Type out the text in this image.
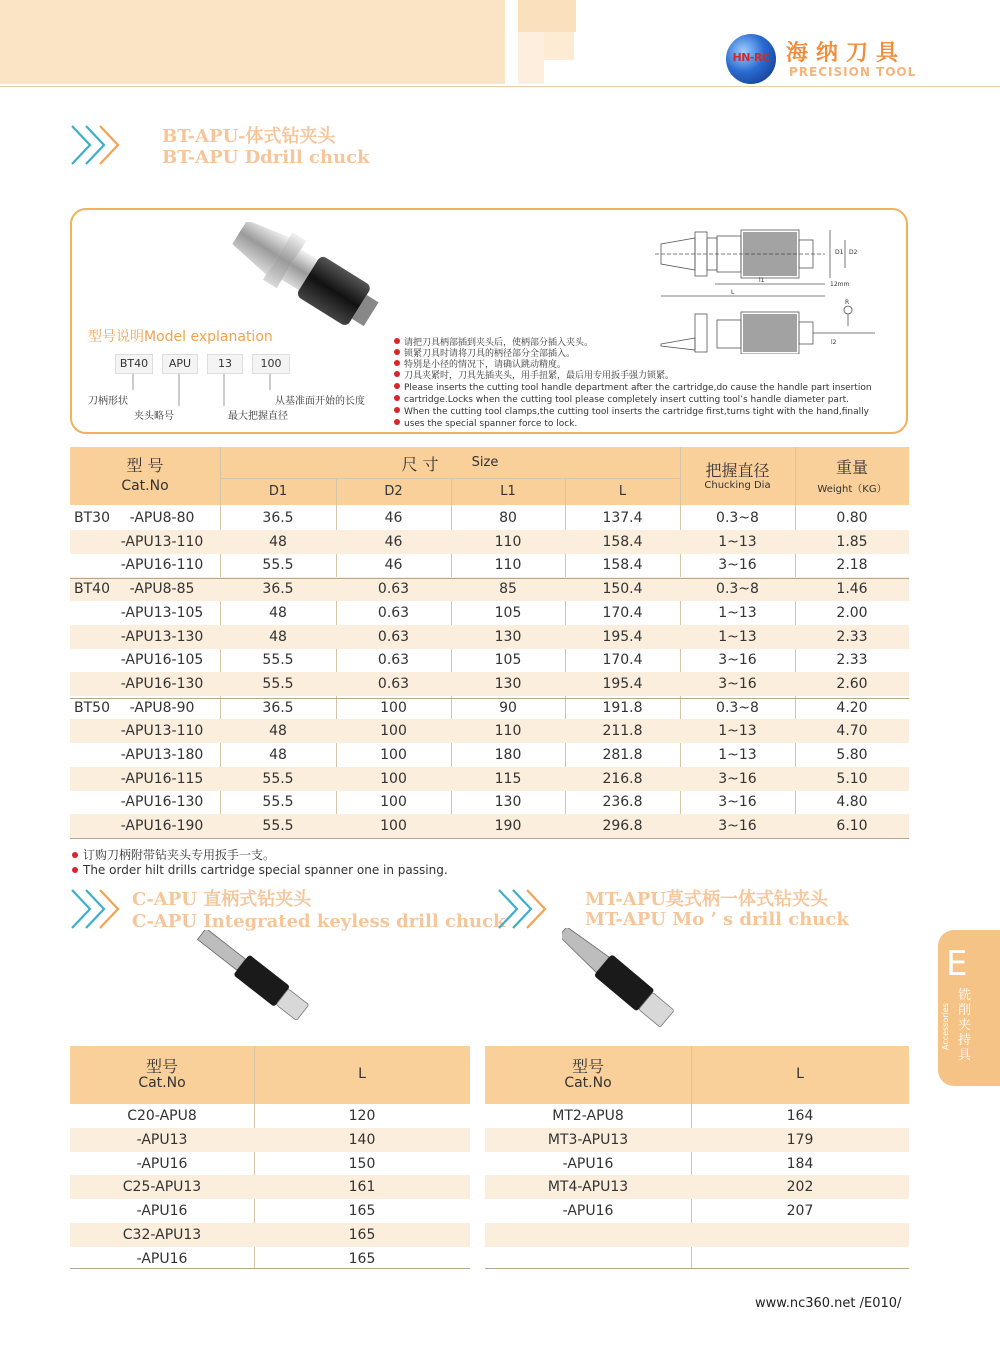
HN-RC 海纳刀具
PRECISION TOOL
BT-APU-体式钻夹头
BT-APU Ddrill chuck
型号说明Model explanation
BT40	APU	13	100
刀柄形状
夹头略号	最大把握直径
从基准面开始的长度
请把刀具柄部插到夹头后，使柄部分插入夹头。
锁紧刀具时请将刀具的柄径部分全部插入。
特别是小径的情况下，请确认跳动精度。
刀具夹紧时，刀具先插夹头，用手扭紧，最后用专用扳手强力锁紧。
Please inserts the cutting tool handle department after the cartridge,do cause the handle part insertion
cartridge.Locks when the cutting tool please completely insert cutting tool’s handle diameter part.
When the cutting tool clamps,the cutting tool inserts the cartridge first,turns tight with the hand,finally
uses the special spanner force to lock.
D1 D2
12mm
L
l1
R
l2
型 号
Cat.No
尺 寸	Size
D1	D2	L1	L
把握直径
Chucking Dia
重量
Weight（KG）
BT30	-APU8-80	36.5	46	80	137.4	0.3~8	0.80
-APU13-110	48	46	110	158.4	1~13	1.85
-APU16-110	55.5	46	110	158.4	3~16	2.18
BT40	-APU8-85	36.5	0.63	85	150.4	0.3~8	1.46
-APU13-105	48	0.63	105	170.4	1~13	2.00
-APU13-130	48	0.63	130	195.4	1~13	2.33
-APU16-105	55.5	0.63	105	170.4	3~16	2.33
-APU16-130	55.5	0.63	130	195.4	3~16	2.60
BT50	-APU8-90	36.5	100	90	191.8	0.3~8	4.20
-APU13-110	48	100	110	211.8	1~13	4.70
-APU13-180	48	100	180	281.8	1~13	5.80
-APU16-115	55.5	100	115	216.8	3~16	5.10
-APU16-130	55.5	100	130	236.8	3~16	4.80
-APU16-190	55.5	100	190	296.8	3~16	6.10
订购刀柄附带钻夹头专用扳手一支。
The order hilt drills cartridge special spanner one in passing.
C-APU 直柄式钻夹头
C-APU Integrated keyless drill chuck
MT-APU莫式柄一体式钻夹头
MT-APU Mo ’ s drill chuck
型号
Cat.No
L
C20-APU8	120
-APU13	140
-APU16	150
C25-APU13	161
-APU16	165
C32-APU13	165
-APU16	165
型号
Cat.No
L
MT2-APU8	164
MT3-APU13	179
-APU16	184
MT4-APU13	202
-APU16	207
E
铣削夹持具
Accessories
www.nc360.net /E010/
